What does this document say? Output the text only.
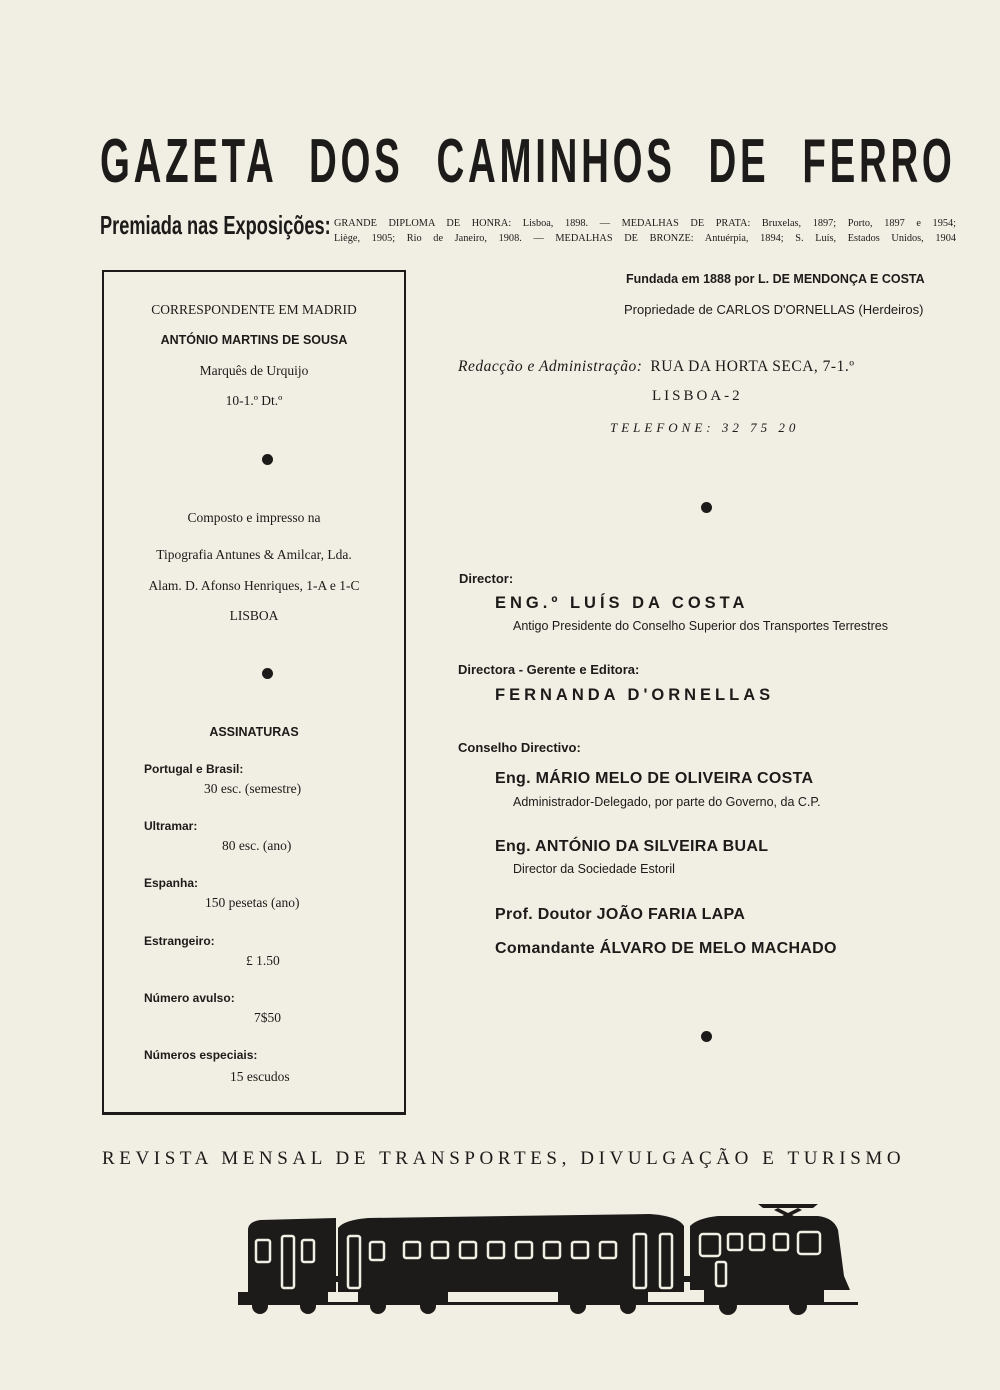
GAZETA DOS CAMINHOS DE FERRO
Premiada nas Exposições: GRANDE DIPLOMA DE HONRA: Lisboa, 1898. — MEDALHAS DE PRATA: Bruxelas, 1897; Porto, 1897 e 1954;
Liège, 1905; Rio de Janeiro, 1908. — MEDALHAS DE BRONZE: Antuérpia, 1894; S. Luís, Estados Unidos, 1904
CORRESPONDENTE EM MADRID
ANTÓNIO MARTINS DE SOUSA
Marquês de Urquijo
10-1.º Dt.º
Composto e impresso na
Tipografia Antunes & Amilcar, Lda.
Alam. D. Afonso Henriques, 1-A e 1-C
LISBOA
ASSINATURAS
Portugal e Brasil:
30 esc. (semestre)
Ultramar:
80 esc. (ano)
Espanha:
150 pesetas (ano)
Estrangeiro:
£ 1.50
Número avulso:
7$50
Números especiais:
15 escudos
Fundada em 1888 por L. DE MENDONÇA E COSTA
Propriedade de CARLOS D'ORNELLAS (Herdeiros)
Redacção e Administração: RUA DA HORTA SECA, 7-1.º
LISBOA-2
TELEFONE: 32 75 20
Director:
ENG.º LUÍS DA COSTA
Antigo Presidente do Conselho Superior dos Transportes Terrestres
Directora - Gerente e Editora:
FERNANDA D'ORNELLAS
Conselho Directivo:
Eng. MÁRIO MELO DE OLIVEIRA COSTA
Administrador-Delegado, por parte do Governo, da C.P.
Eng. ANTÓNIO DA SILVEIRA BUAL
Director da Sociedade Estoril
Prof. Doutor JOÃO FARIA LAPA
Comandante ÁLVARO DE MELO MACHADO
REVISTA MENSAL DE TRANSPORTES, DIVULGAÇÃO E TURISMO
